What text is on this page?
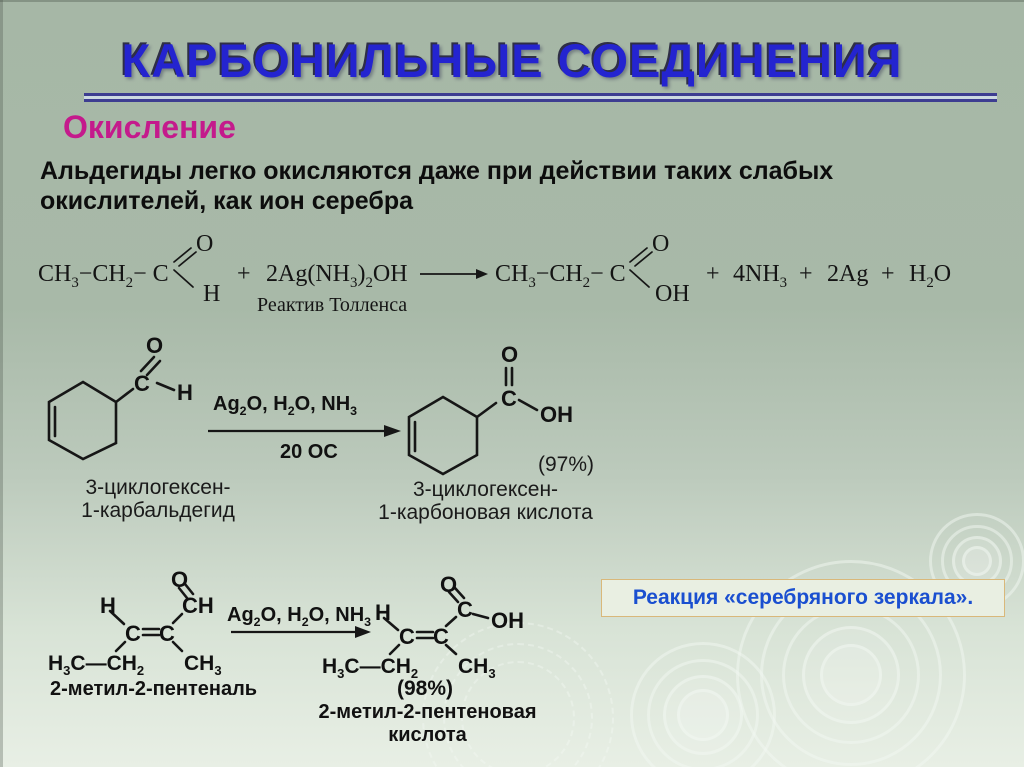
КАРБОНИЛЬНЫЕ СОЕДИНЕНИЯ
Окисление
Альдегиды легко окисляются даже при действии таких слабых окислителей, как ион серебра
$CH_3-CH_2- C$
O
H
+ $2Ag(NH_3)_2OH$
Реактив Толленса
$CH_3-CH_2- C$
O
OH
+ $4NH_3 + 2Ag + H_2O$
O
C H $Ag_2O$, $H_2O$, $NH_3$
20 ОС
O
C
OH
(97%)
3-циклогексен-
1-карбальдегид
3-циклогексен-
1-карбоновая кислота
H
C C
CH
O
$CH_3$
$H_3C—CH_2$
$Ag_2O$, $H_2O$, $NH_3$ H
C C
C
O
OH
$CH_3$
$H_3C—CH_2$
2-метил-2-пентеналь	(98%)
2-метил-2-пентеновая
кислота
Реакция «серебряного зеркала».
